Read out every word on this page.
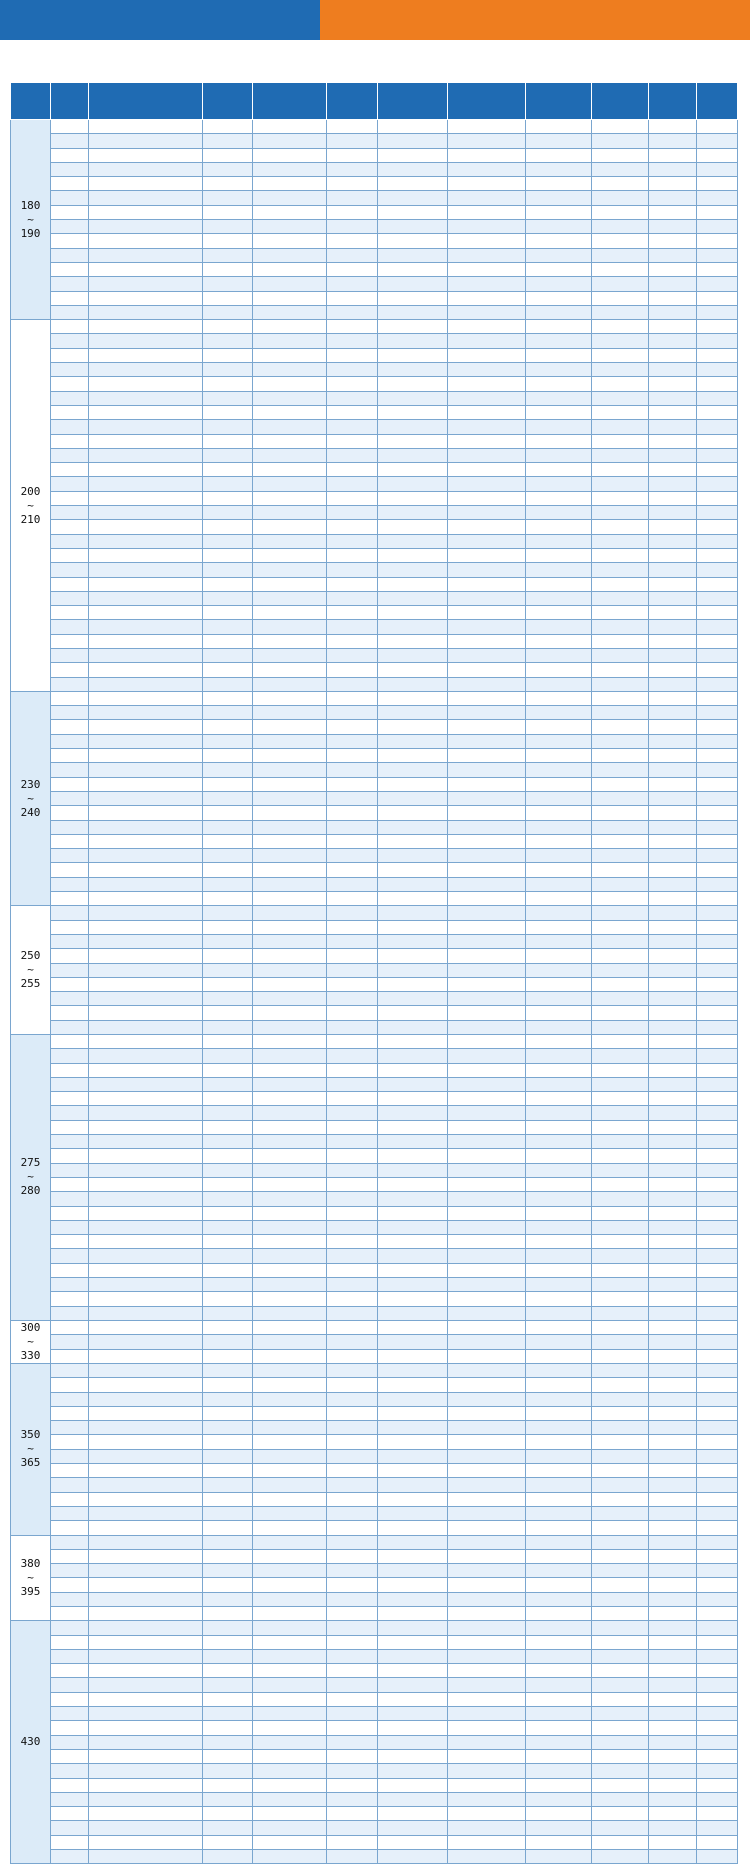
180
~
190											

200
~
210											

230
~
240											

250
~
255											

275
~
280											

300
~
330											

350
~
365											

380
~
395											

430											
